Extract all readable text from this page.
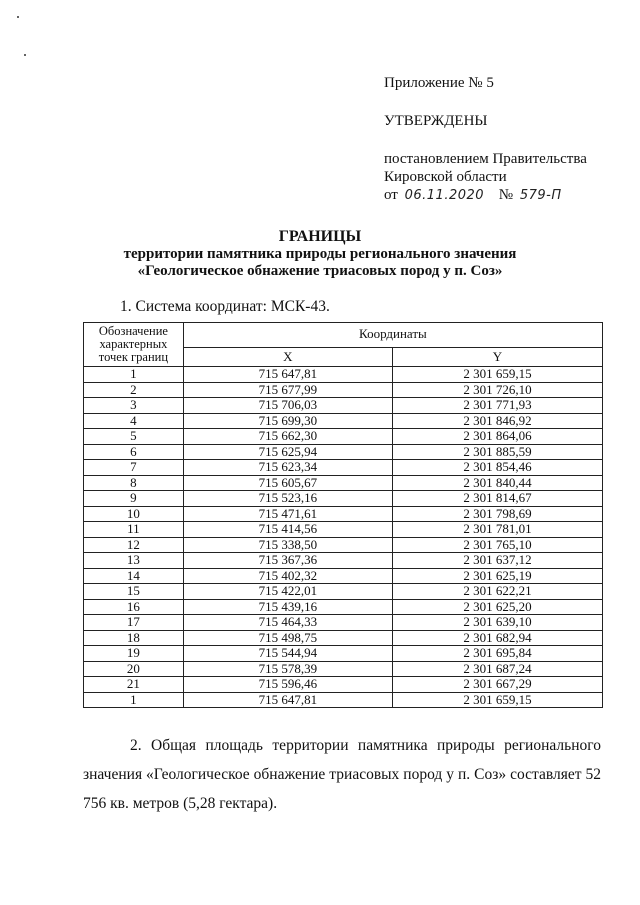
Приложение № 5
УТВЕРЖДЕНЫ
постановлением Правительства
Кировской области
от 06.11.2020 № 579-П
ГРАНИЦЫ
территории памятника природы регионального значения
«Геологическое обнажение триасовых пород у п. Соз»
1. Система координат: МСК-43.
Обозначение характерных точек границ	Координаты	
	X	Y
1	715 647,81	2 301 659,15
2	715 677,99	2 301 726,10
3	715 706,03	2 301 771,93
4	715 699,30	2 301 846,92
5	715 662,30	2 301 864,06
6	715 625,94	2 301 885,59
7	715 623,34	2 301 854,46
8	715 605,67	2 301 840,44
9	715 523,16	2 301 814,67
10	715 471,61	2 301 798,69
11	715 414,56	2 301 781,01
12	715 338,50	2 301 765,10
13	715 367,36	2 301 637,12
14	715 402,32	2 301 625,19
15	715 422,01	2 301 622,21
16	715 439,16	2 301 625,20
17	715 464,33	2 301 639,10
18	715 498,75	2 301 682,94
19	715 544,94	2 301 695,84
20	715 578,39	2 301 687,24
21	715 596,46	2 301 667,29
1	715 647,81	2 301 659,15
2. Общая площадь территории памятника природы регионального значения «Геологическое обнажение триасовых пород у п. Соз» составляет 52 756 кв. метров (5,28 гектара).
